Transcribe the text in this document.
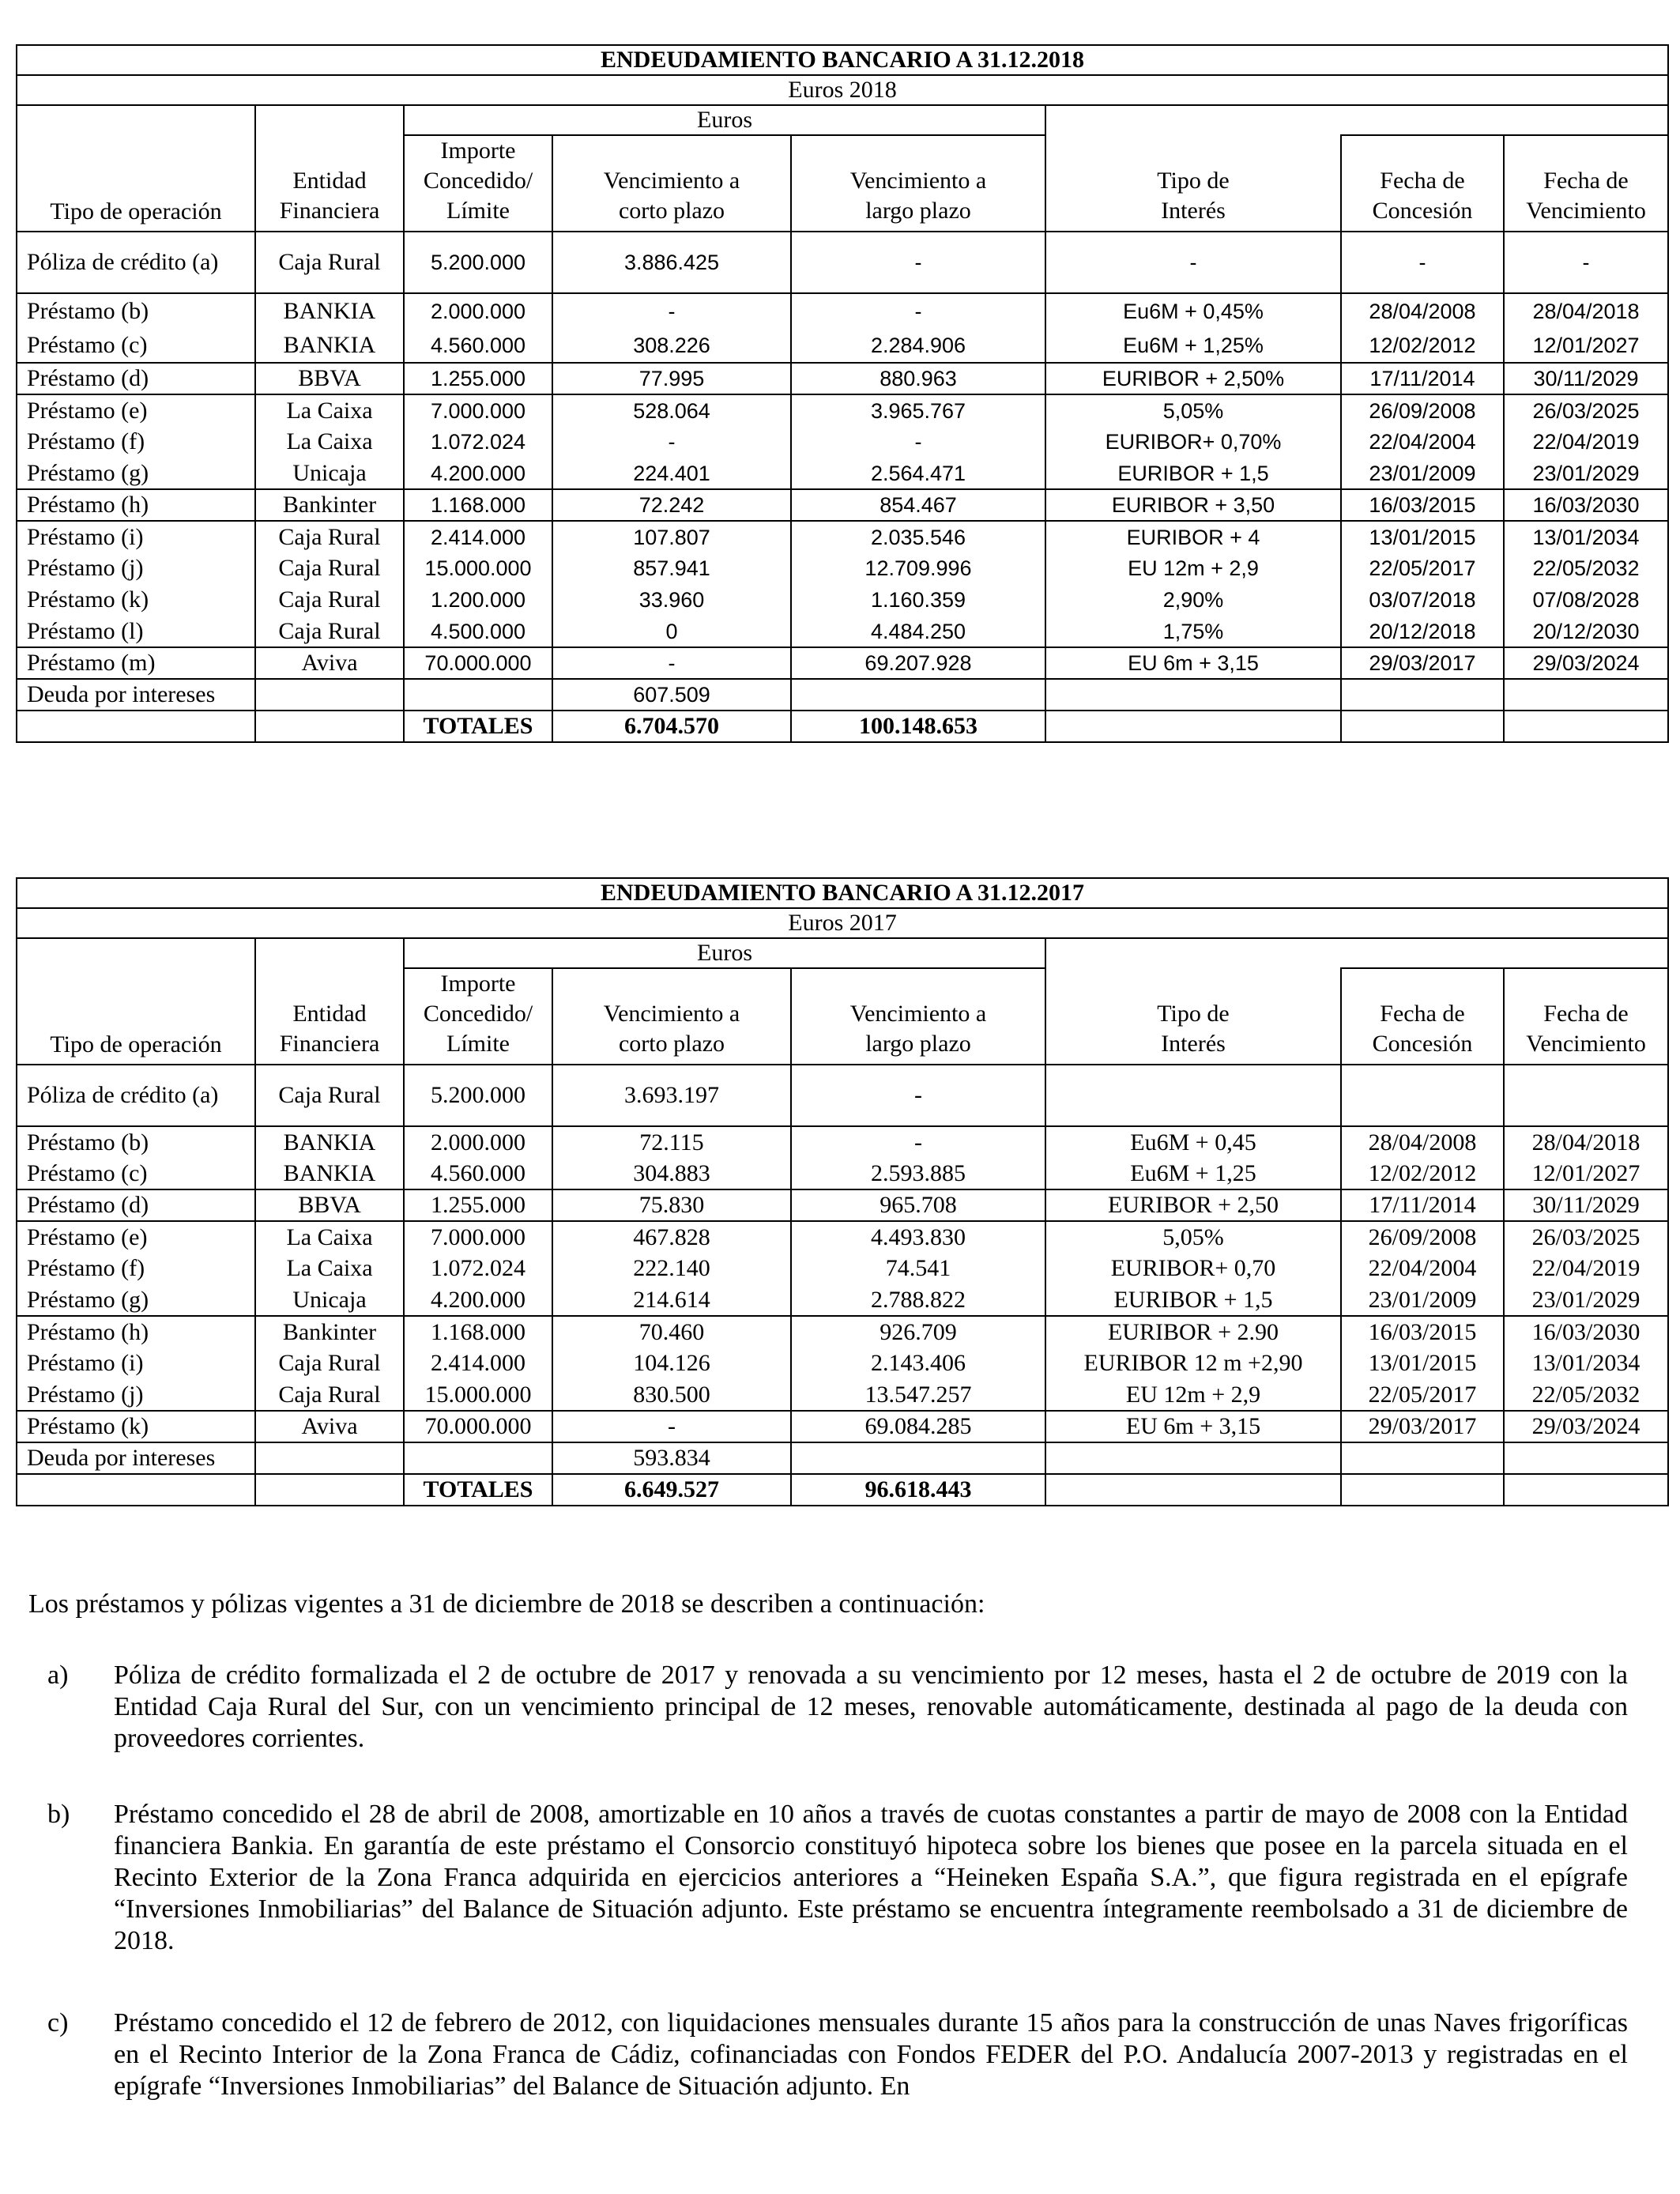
ENDEUDAMIENTO BANCARIO A 31.12.2018							
Euros 2018							
Tipo de operación	Entidad Financiera	Euros					
		Importe Concedido/ Límite	Vencimiento a corto plazo	Vencimiento a largo plazo	Tipo de Interés	Fecha de Concesión	Fecha de Vencimiento
Póliza de crédito (a)	Caja Rural	5.200.000	3.886.425	-	-	-	-
Préstamo (b)	BANKIA	2.000.000	-	-	Eu6M + 0,45%	28/04/2008	28/04/2018
Préstamo (c)	BANKIA	4.560.000	308.226	2.284.906	Eu6M + 1,25%	12/02/2012	12/01/2027
Préstamo (d)	BBVA	1.255.000	77.995	880.963	EURIBOR + 2,50%	17/11/2014	30/11/2029
Préstamo (e)	La Caixa	7.000.000	528.064	3.965.767	5,05%	26/09/2008	26/03/2025
Préstamo (f)	La Caixa	1.072.024	-	-	EURIBOR+ 0,70%	22/04/2004	22/04/2019
Préstamo (g)	Unicaja	4.200.000	224.401	2.564.471	EURIBOR + 1,5	23/01/2009	23/01/2029
Préstamo (h)	Bankinter	1.168.000	72.242	854.467	EURIBOR + 3,50	16/03/2015	16/03/2030
Préstamo (i)	Caja Rural	2.414.000	107.807	2.035.546	EURIBOR + 4	13/01/2015	13/01/2034
Préstamo (j)	Caja Rural	15.000.000	857.941	12.709.996	EU 12m + 2,9	22/05/2017	22/05/2032
Préstamo (k)	Caja Rural	1.200.000	33.960	1.160.359	2,90%	03/07/2018	07/08/2028
Préstamo (l)	Caja Rural	4.500.000	0	4.484.250	1,75%	20/12/2018	20/12/2030
Préstamo (m)	Aviva	70.000.000	-	69.207.928	EU 6m + 3,15	29/03/2017	29/03/2024
Deuda por intereses			607.509				
		TOTALES	6.704.570	100.148.653			
ENDEUDAMIENTO BANCARIO A 31.12.2017							
Euros 2017							
Tipo de operación	Entidad Financiera	Euros					
		Importe Concedido/ Límite	Vencimiento a corto plazo	Vencimiento a largo plazo	Tipo de Interés	Fecha de Concesión	Fecha de Vencimiento
Póliza de crédito (a)	Caja Rural	5.200.000	3.693.197	-			
Préstamo (b)	BANKIA	2.000.000	72.115	-	Eu6M + 0,45	28/04/2008	28/04/2018
Préstamo (c)	BANKIA	4.560.000	304.883	2.593.885	Eu6M + 1,25	12/02/2012	12/01/2027
Préstamo (d)	BBVA	1.255.000	75.830	965.708	EURIBOR + 2,50	17/11/2014	30/11/2029
Préstamo (e)	La Caixa	7.000.000	467.828	4.493.830	5,05%	26/09/2008	26/03/2025
Préstamo (f)	La Caixa	1.072.024	222.140	74.541	EURIBOR+ 0,70	22/04/2004	22/04/2019
Préstamo (g)	Unicaja	4.200.000	214.614	2.788.822	EURIBOR + 1,5	23/01/2009	23/01/2029
Préstamo (h)	Bankinter	1.168.000	70.460	926.709	EURIBOR + 2.90	16/03/2015	16/03/2030
Préstamo (i)	Caja Rural	2.414.000	104.126	2.143.406	EURIBOR 12 m +2,90	13/01/2015	13/01/2034
Préstamo (j)	Caja Rural	15.000.000	830.500	13.547.257	EU 12m + 2,9	22/05/2017	22/05/2032
Préstamo (k)	Aviva	70.000.000	-	69.084.285	EU 6m + 3,15	29/03/2017	29/03/2024
Deuda por intereses			593.834				
		TOTALES	6.649.527	96.618.443			

Los préstamos y pólizas vigentes a 31 de diciembre de 2018 se describen a continuación:

a)	Póliza de crédito formalizada el 2 de octubre de 2017 y renovada a su vencimiento por 12 meses, hasta el 2 de octubre de 2019 con la Entidad Caja Rural del Sur, con un vencimiento principal de 12 meses, renovable automáticamente, destinada al pago de la deuda con proveedores corrientes.
b)	Préstamo concedido el 28 de abril de 2008, amortizable en 10 años a través de cuotas constantes a partir de mayo de 2008 con la Entidad financiera Bankia. En garantía de este préstamo el Consorcio constituyó hipoteca sobre los bienes que posee en la parcela situada en el Recinto Exterior de la Zona Franca adquirida en ejercicios anteriores a “Heineken España S.A.”, que figura registrada en el epígrafe “Inversiones Inmobiliarias” del Balance de Situación adjunto. Este préstamo se encuentra íntegramente reembolsado a 31 de diciembre de 2018.
c)	Préstamo concedido el 12 de febrero de 2012, con liquidaciones mensuales durante 15 años para la construcción de unas Naves frigoríficas en el Recinto Interior de la Zona Franca de Cádiz, cofinanciadas con Fondos FEDER del P.O. Andalucía 2007-2013 y registradas en el epígrafe “Inversiones Inmobiliarias” del Balance de Situación adjunto. En
